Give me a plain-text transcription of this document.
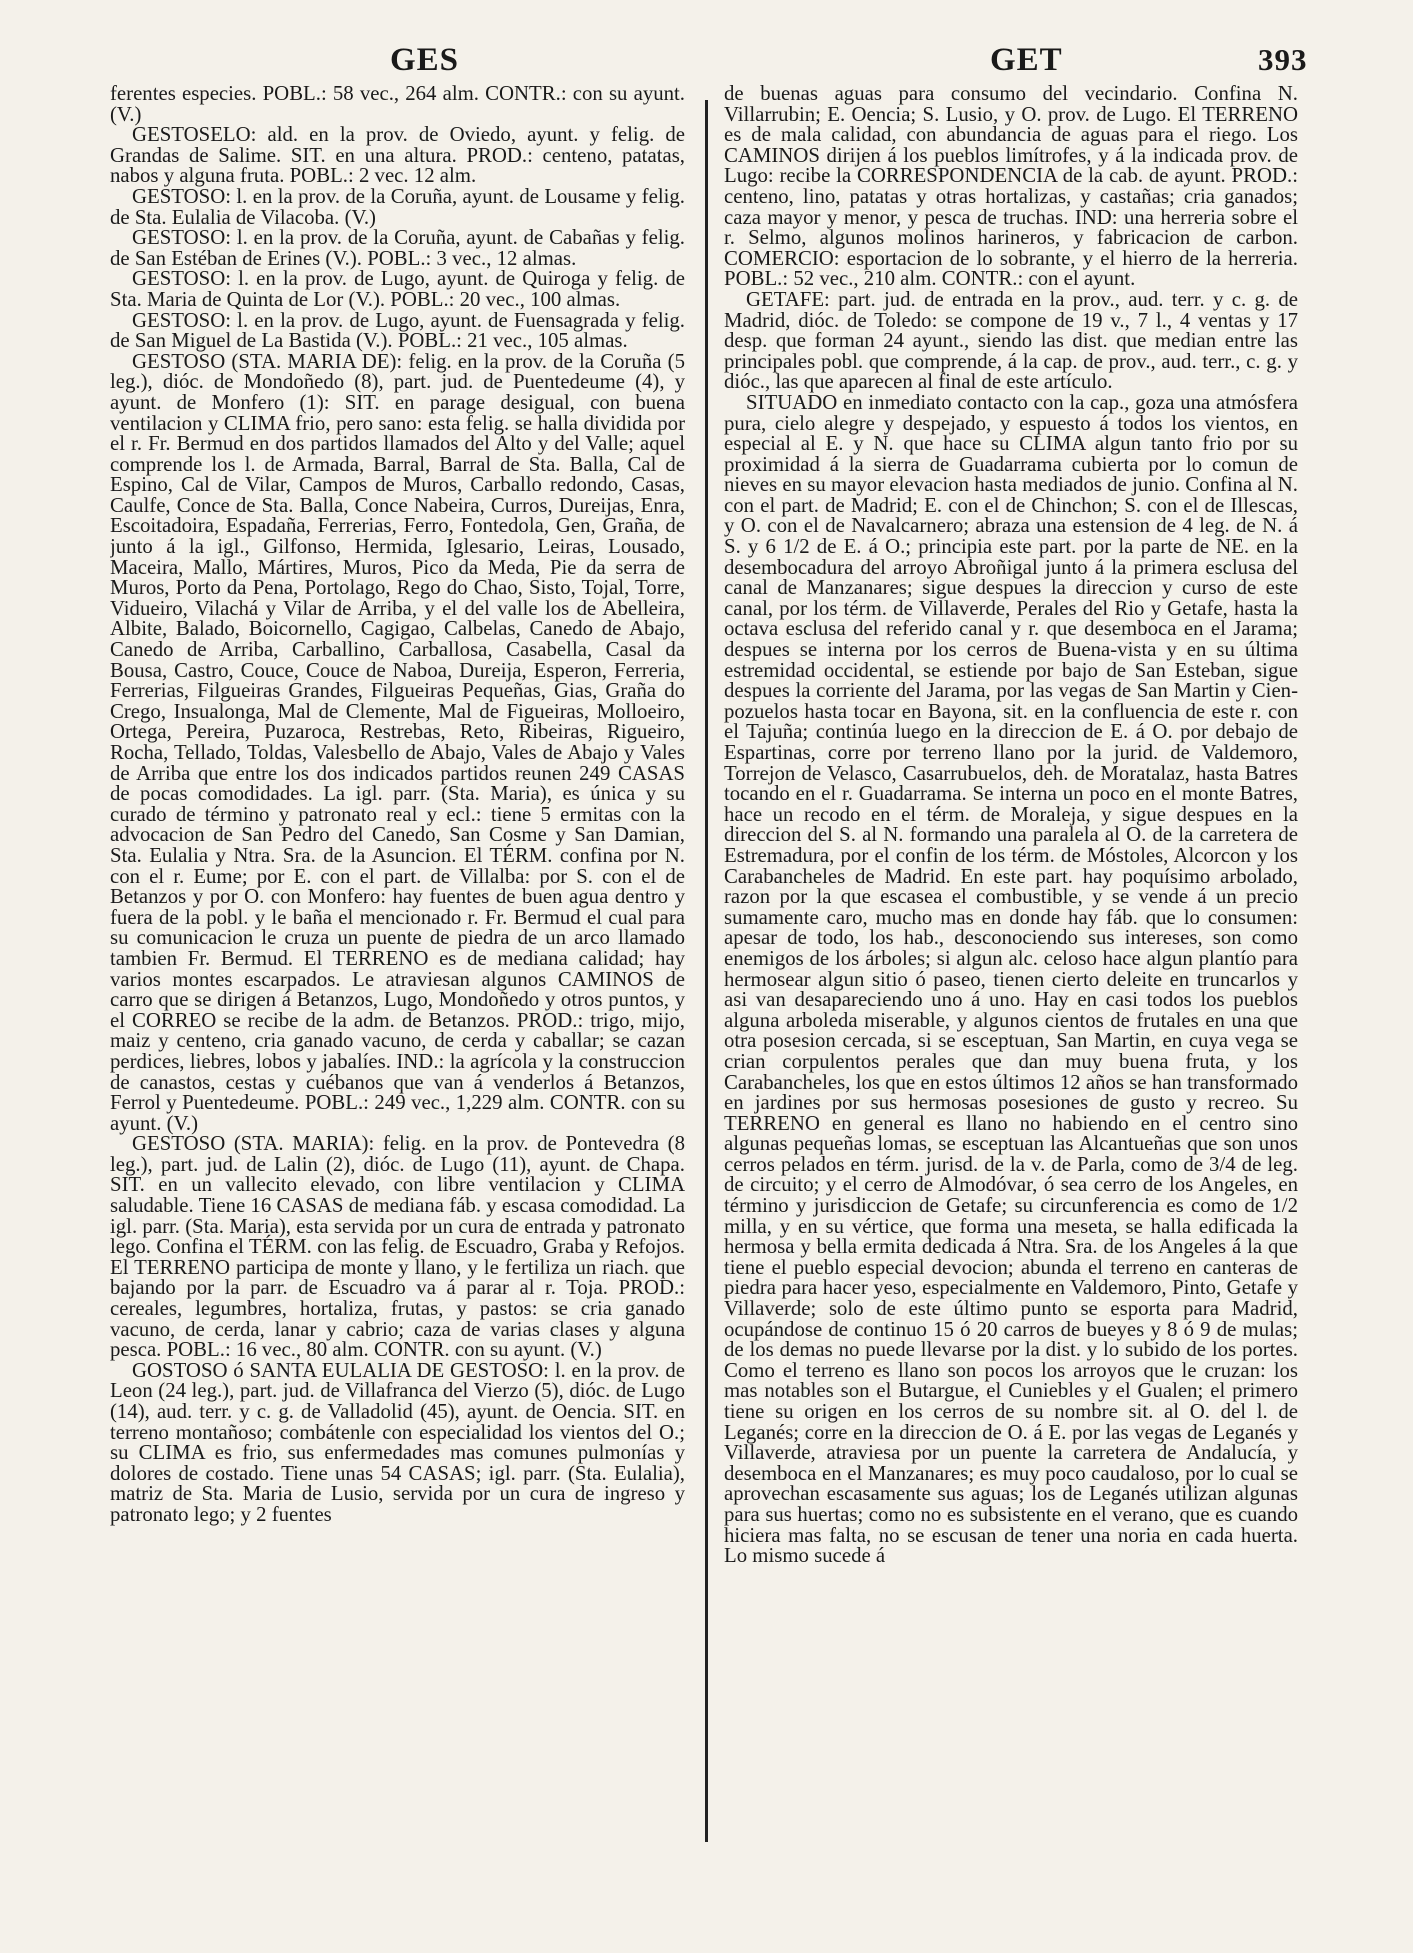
GES	GET	393

ferentes especies. POBL.: 58 vec., 264 alm. CONTR.: con su ayunt. (V.)

GESTOSELO: ald. en la prov. de Oviedo, ayunt. y felig. de Grandas de Salime. SIT. en una altura. PROD.: centeno, patatas, nabos y alguna fruta. POBL.: 2 vec. 12 alm.

GESTOSO: l. en la prov. de la Coruña, ayunt. de Lousame y felig. de Sta. Eulalia de Vilacoba. (V.)

GESTOSO: l. en la prov. de la Coruña, ayunt. de Cabañas y felig. de San Estéban de Erines (V.). POBL.: 3 vec., 12 almas.

GESTOSO: l. en la prov. de Lugo, ayunt. de Quiroga y felig. de Sta. Maria de Quinta de Lor (V.). POBL.: 20 vec., 100 almas.

GESTOSO: l. en la prov. de Lugo, ayunt. de Fuensagrada y felig. de San Miguel de La Bastida (V.). POBL.: 21 vec., 105 almas.

GESTOSO (STA. MARIA DE): felig. en la prov. de la Coruña (5 leg.), dióc. de Mondoñedo (8), part. jud. de Puentedeume (4), y ayunt. de Monfero (1): SIT. en parage desigual, con buena ventilacion y CLIMA frio, pero sano: esta felig. se halla dividida por el r. Fr. Bermud en dos partidos llamados del Alto y del Valle; aquel comprende los l. de Armada, Barral, Barral de Sta. Balla, Cal de Espino, Cal de Vilar, Campos de Muros, Carballo redondo, Casas, Caulfe, Conce de Sta. Balla, Conce Nabeira, Curros, Dureijas, Enra, Escoitadoira, Espadaña, Ferrerias, Ferro, Fontedola, Gen, Graña, de junto á la igl., Gilfonso, Hermida, Iglesario, Leiras, Lousado, Maceira, Mallo, Mártires, Muros, Pico da Meda, Pie da serra de Muros, Porto da Pena, Portolago, Rego do Chao, Sisto, Tojal, Torre, Vidueiro, Vilachá y Vilar de Arriba, y el del valle los de Abelleira, Albite, Balado, Boicornello, Cagigao, Calbelas, Canedo de Abajo, Canedo de Arriba, Carballino, Carballosa, Casabella, Casal da Bousa, Castro, Couce, Couce de Naboa, Dureija, Esperon, Ferreria, Ferrerias, Filgueiras Grandes, Filgueiras Pequeñas, Gias, Graña do Crego, Insualonga, Mal de Clemente, Mal de Figueiras, Molloeiro, Ortega, Pereira, Puzaroca, Restrebas, Reto, Ribeiras, Rigueiro, Rocha, Tellado, Toldas, Valesbello de Abajo, Vales de Abajo y Vales de Arriba que entre los dos indicados partidos reunen 249 CASAS de pocas comodidades. La igl. parr. (Sta. Maria), es única y su curado de término y patronato real y ecl.: tiene 5 ermitas con la advocacion de San Pedro del Canedo, San Cosme y San Damian, Sta. Eulalia y Ntra. Sra. de la Asuncion. El TÉRM. confina por N. con el r. Eume; por E. con el part. de Villalba: por S. con el de Betanzos y por O. con Monfero: hay fuentes de buen agua dentro y fuera de la pobl. y le baña el mencionado r. Fr. Bermud el cual para su comunicacion le cruza un puente de piedra de un arco llamado tambien Fr. Bermud. El TERRENO es de mediana calidad; hay varios montes escarpados. Le atraviesan algunos CAMINOS de carro que se dirigen á Betanzos, Lugo, Mondoñedo y otros puntos, y el CORREO se recibe de la adm. de Betanzos. PROD.: trigo, mijo, maiz y centeno, cria ganado vacuno, de cerda y caballar; se cazan perdices, liebres, lobos y jabalíes. IND.: la agrícola y la construccion de canastos, cestas y cuébanos que van á venderlos á Betanzos, Ferrol y Puentedeume. POBL.: 249 vec., 1,229 alm. CONTR. con su ayunt. (V.)

GESTOSO (STA. MARIA): felig. en la prov. de Pontevedra (8 leg.), part. jud. de Lalin (2), dióc. de Lugo (11), ayunt. de Chapa. SIT. en un vallecito elevado, con libre ventilacion y CLIMA saludable. Tiene 16 CASAS de mediana fáb. y escasa comodidad. La igl. parr. (Sta. Maria), esta servida por un cura de entrada y patronato lego. Confina el TÉRM. con las felig. de Escuadro, Graba y Refojos. El TERRENO participa de monte y llano, y le fertiliza un riach. que bajando por la parr. de Escuadro va á parar al r. Toja. PROD.: cereales, legumbres, hortaliza, frutas, y pastos: se cria ganado vacuno, de cerda, lanar y cabrio; caza de varias clases y alguna pesca. POBL.: 16 vec., 80 alm. CONTR. con su ayunt. (V.)

GOSTOSO ó SANTA EULALIA DE GESTOSO: l. en la prov. de Leon (24 leg.), part. jud. de Villafranca del Vierzo (5), dióc. de Lugo (14), aud. terr. y c. g. de Valladolid (45), ayunt. de Oencia. SIT. en terreno montañoso; combátenle con especialidad los vientos del O.; su CLIMA es frio, sus enfermedades mas comunes pulmonías y dolores de costado. Tiene unas 54 CASAS; igl. parr. (Sta. Eulalia), matriz de Sta. Maria de Lusio, servida por un cura de ingreso y patronato lego; y 2 fuentes

de buenas aguas para consumo del vecindario. Confina N. Villarrubin; E. Oencia; S. Lusio, y O. prov. de Lugo. El TERRENO es de mala calidad, con abundancia de aguas para el riego. Los CAMINOS dirijen á los pueblos limítrofes, y á la indicada prov. de Lugo: recibe la CORRESPONDENCIA de la cab. de ayunt. PROD.: centeno, lino, patatas y otras hortalizas, y castañas; cria ganados; caza mayor y menor, y pesca de truchas. IND: una herreria sobre el r. Selmo, algunos molinos harineros, y fabricacion de carbon. COMERCIO: esportacion de lo sobrante, y el hierro de la herreria. POBL.: 52 vec., 210 alm. CONTR.: con el ayunt.

GETAFE: part. jud. de entrada en la prov., aud. terr. y c. g. de Madrid, dióc. de Toledo: se compone de 19 v., 7 l., 4 ventas y 17 desp. que forman 24 ayunt., siendo las dist. que median entre las principales pobl. que comprende, á la cap. de prov., aud. terr., c. g. y dióc., las que aparecen al final de este artículo.

SITUADO en inmediato contacto con la cap., goza una atmósfera pura, cielo alegre y despejado, y espuesto á todos los vientos, en especial al E. y N. que hace su CLIMA algun tanto frio por su proximidad á la sierra de Guadarrama cubierta por lo comun de nieves en su mayor elevacion hasta mediados de junio. Confina al N. con el part. de Madrid; E. con el de Chinchon; S. con el de Illescas, y O. con el de Navalcarnero; abraza una estension de 4 leg. de N. á S. y 6 1/2 de E. á O.; principia este part. por la parte de NE. en la desembocadura del arroyo Abroñigal junto á la primera esclusa del canal de Manzanares; sigue despues la direccion y curso de este canal, por los térm. de Villaverde, Perales del Rio y Getafe, hasta la octava esclusa del referido canal y r. que desemboca en el Jarama; despues se interna por los cerros de Buena-vista y en su última estremidad occidental, se estiende por bajo de San Esteban, sigue despues la corriente del Jarama, por las vegas de San Martin y Cien-pozuelos hasta tocar en Bayona, sit. en la confluencia de este r. con el Tajuña; continúa luego en la direccion de E. á O. por debajo de Espartinas, corre por terreno llano por la jurid. de Valdemoro, Torrejon de Velasco, Casarrubuelos, deh. de Moratalaz, hasta Batres tocando en el r. Guadarrama. Se interna un poco en el monte Batres, hace un recodo en el térm. de Moraleja, y sigue despues en la direccion del S. al N. formando una paralela al O. de la carretera de Estremadura, por el confin de los térm. de Móstoles, Alcorcon y los Carabancheles de Madrid. En este part. hay poquísimo arbolado, razon por la que escasea el combustible, y se vende á un precio sumamente caro, mucho mas en donde hay fáb. que lo consumen: apesar de todo, los hab., desconociendo sus intereses, son como enemigos de los árboles; si algun alc. celoso hace algun plantío para hermosear algun sitio ó paseo, tienen cierto deleite en truncarlos y asi van desapareciendo uno á uno. Hay en casi todos los pueblos alguna arboleda miserable, y algunos cientos de frutales en una que otra posesion cercada, si se esceptuan, San Martin, en cuya vega se crian corpulentos perales que dan muy buena fruta, y los Carabancheles, los que en estos últimos 12 años se han transformado en jardines por sus hermosas posesiones de gusto y recreo. Su TERRENO en general es llano no habiendo en el centro sino algunas pequeñas lomas, se esceptuan las Alcantueñas que son unos cerros pelados en térm. jurisd. de la v. de Parla, como de 3/4 de leg. de circuito; y el cerro de Almodóvar, ó sea cerro de los Angeles, en término y jurisdiccion de Getafe; su circunferencia es como de 1/2 milla, y en su vértice, que forma una meseta, se halla edificada la hermosa y bella ermita dedicada á Ntra. Sra. de los Angeles á la que tiene el pueblo especial devocion; abunda el terreno en canteras de piedra para hacer yeso, especialmente en Valdemoro, Pinto, Getafe y Villaverde; solo de este último punto se esporta para Madrid, ocupándose de continuo 15 ó 20 carros de bueyes y 8 ó 9 de mulas; de los demas no puede llevarse por la dist. y lo subido de los portes. Como el terreno es llano son pocos los arroyos que le cruzan: los mas notables son el Butargue, el Cuniebles y el Gualen; el primero tiene su origen en los cerros de su nombre sit. al O. del l. de Leganés; corre en la direccion de O. á E. por las vegas de Leganés y Villaverde, atraviesa por un puente la carretera de Andalucía, y desemboca en el Manzanares; es muy poco caudaloso, por lo cual se aprovechan escasamente sus aguas; los de Leganés utilizan algunas para sus huertas; como no es subsistente en el verano, que es cuando hiciera mas falta, no se escusan de tener una noria en cada huerta. Lo mismo sucede á
